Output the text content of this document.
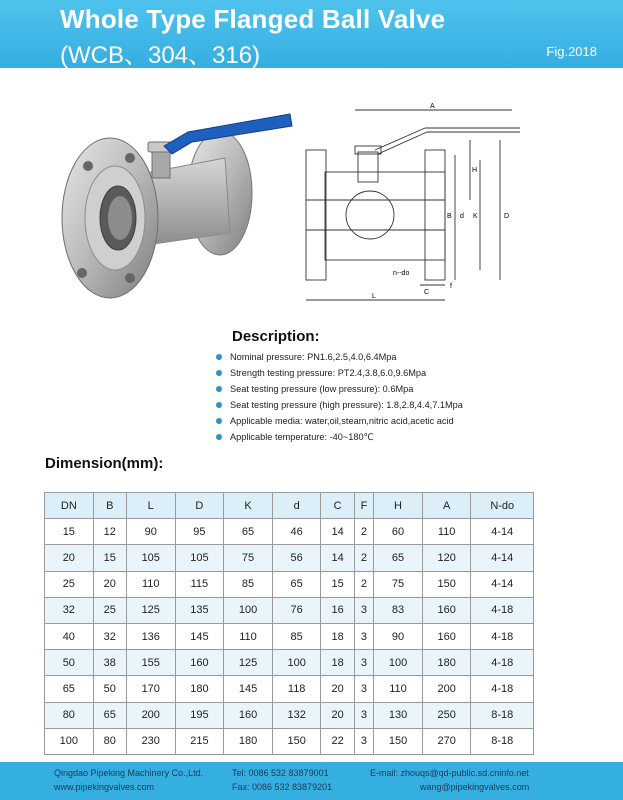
Whole Type Flanged Ball Valve
(WCB、304、316)	Fig.2018
A
H
B d K	D
n--do
C
f
L
Description:
Nominal pressure: PN1.6,2.5,4.0,6.4Mpa
Strength testing pressure: PT2.4,3.8,6.0,9.6Mpa
Seat testing pressure (low pressure): 0.6Mpa
Seat testing pressure (high pressure): 1.8,2.8,4.4,7.1Mpa
Applicable media: water,oil,steam,nitric acid,acetic acid
Applicable temperature: -40~180℃
Dimension(mm):
DN	B	L	D	K	d	C	F	H	A	N-do
15	12	90	95	65	46	14	2	60	110	4-14
20	15	105	105	75	56	14	2	65	120	4-14
25	20	110	115	85	65	15	2	75	150	4-14
32	25	125	135	100	76	16	3	83	160	4-18
40	32	136	145	110	85	18	3	90	160	4-18
50	38	155	160	125	100	18	3	100	180	4-18
65	50	170	180	145	118	20	3	110	200	4-18
80	65	200	195	160	132	20	3	130	250	8-18
100	80	230	215	180	150	22	3	150	270	8-18
Qingdao Pipeking Machinery Co.,Ltd.
www.pipekingvalves.com
Tel: 0086 532 83879001
Fax: 0086 532 83879201
E-mail: zhouqs@qd-public.sd.cninfo.net
wang@pipekingvalves.com
